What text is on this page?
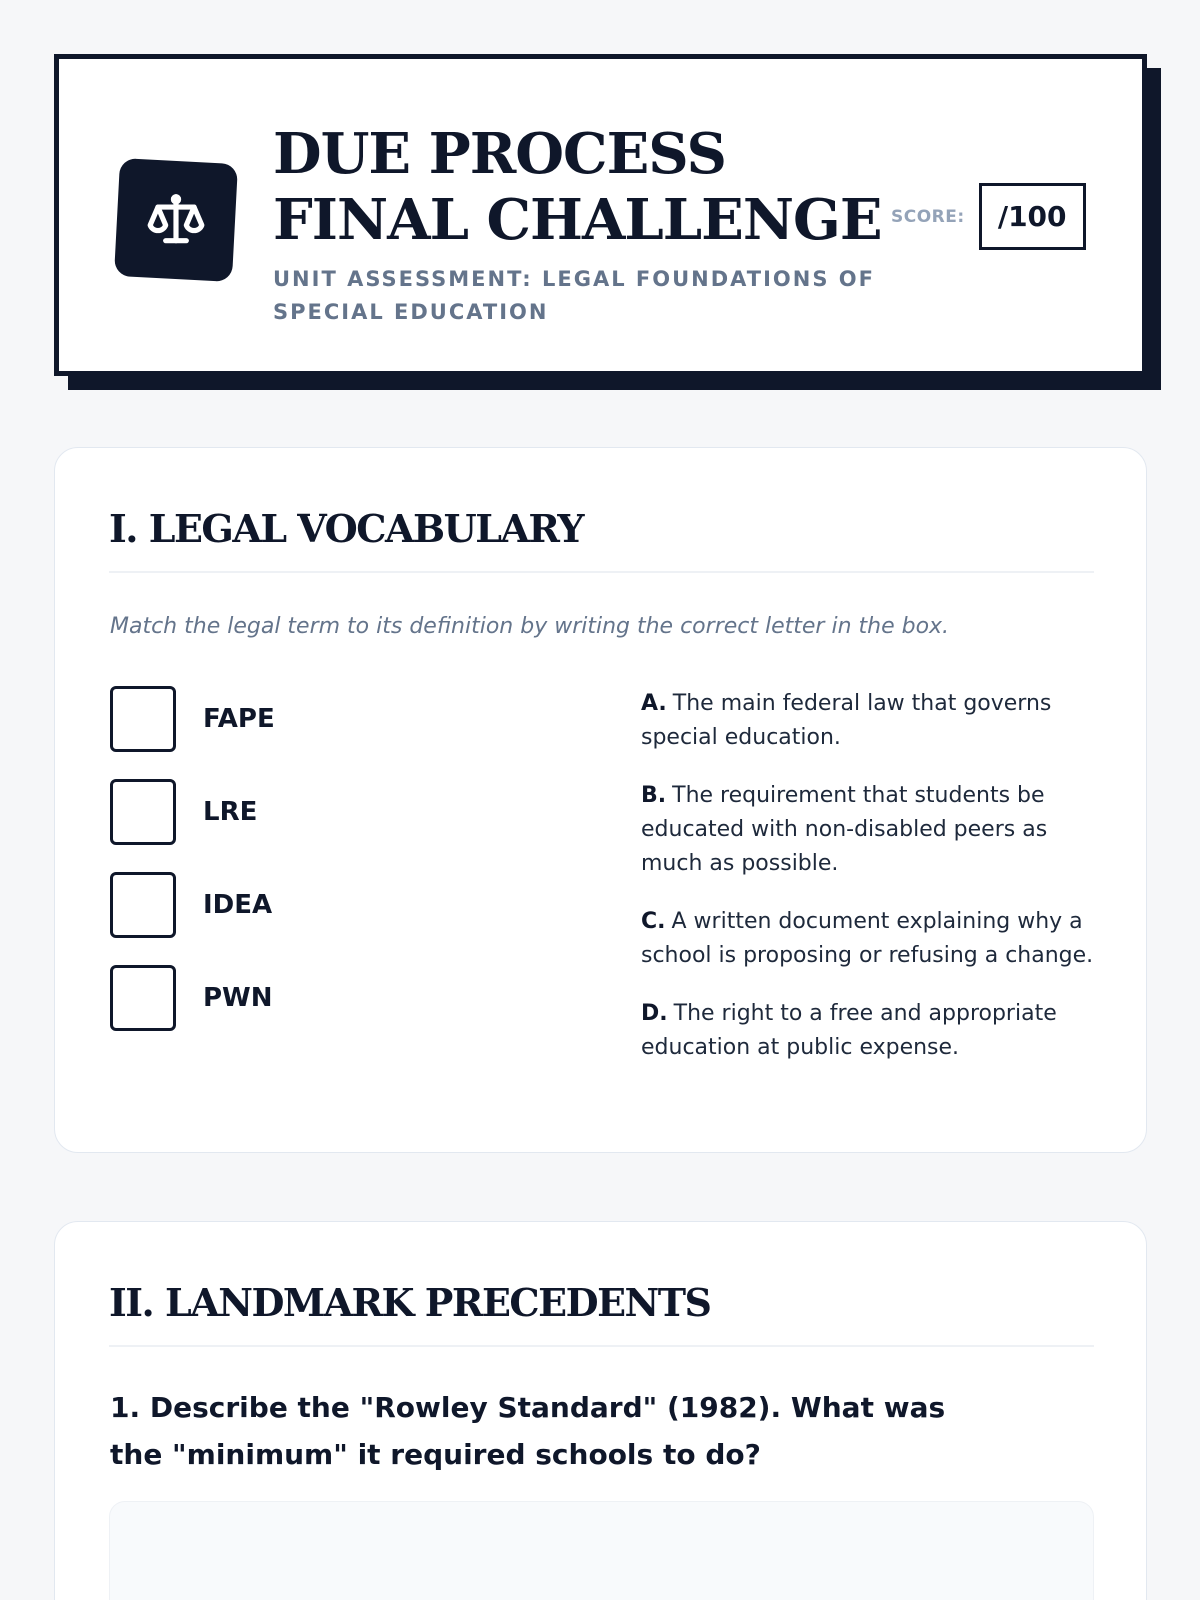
DUE PROCESS FINAL CHALLENGE
UNIT ASSESSMENT: LEGAL FOUNDATIONS OF SPECIAL EDUCATION
SCORE:	/100
I. LEGAL VOCABULARY

Match the legal term to its definition by writing the correct letter in the box.

FAPE
LRE
IDEA
PWN

A. The main federal law that governs special education.

B. The requirement that students be educated with non-disabled peers as much as possible.

C. A written document explaining why a school is proposing or refusing a change.

D. The right to a free and appropriate education at public expense.

II. LANDMARK PRECEDENTS

1. Describe the "Rowley Standard" (1982). What was the "minimum" it required schools to do?
